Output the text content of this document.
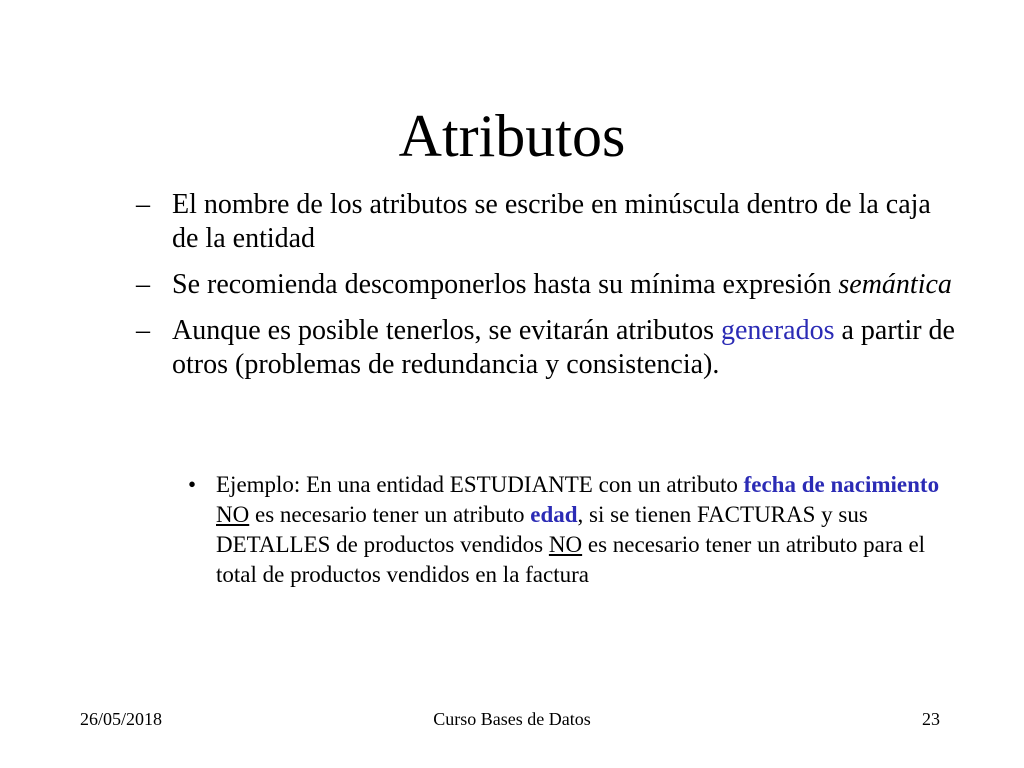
Atributos
– El nombre de los atributos se escribe en minúscula dentro de la caja de la entidad
– Se recomienda descomponerlos hasta su mínima expresión semántica
– Aunque es posible tenerlos, se evitarán atributos generados a partir de otros (problemas de redundancia y consistencia).
• Ejemplo: En una entidad ESTUDIANTE con un atributo fecha de nacimiento NO es necesario tener un atributo edad, si se tienen FACTURAS y sus DETALLES de productos vendidos NO es necesario tener un atributo para el total de productos vendidos en la factura
26/05/2018	Curso Bases de Datos	23
